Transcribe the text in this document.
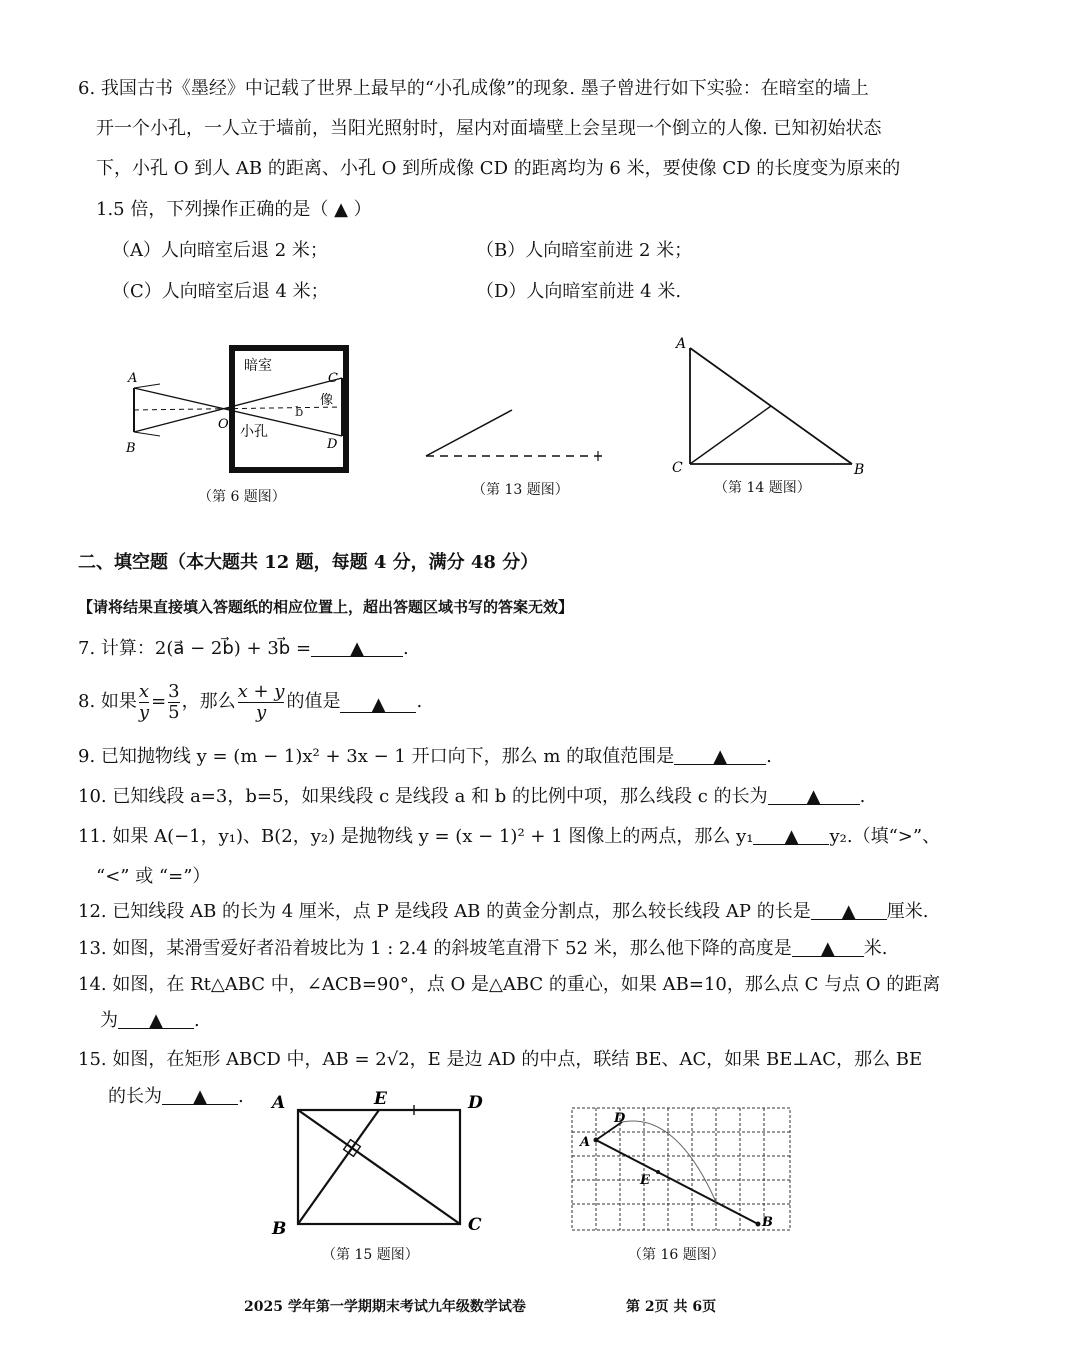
6. 我国古书《墨经》中记载了世界上最早的“小孔成像”的现象. 墨子曾进行如下实验：在暗室的墙上
开一个小孔，一人立于墙前，当阳光照射时，屋内对面墙壁上会呈现一个倒立的人像. 已知初始状态
下，小孔 O 到人 AB 的距离、小孔 O 到所成像 CD 的距离均为 6 米，要使像 CD 的长度变为原来的
1.5 倍，下列操作正确的是（ ▲ ）
（A）人向暗室后退 2 米；	（B）人向暗室前进 2 米；
（C）人向暗室后退 4 米；	（D）人向暗室前进 4 米.
A
B
C
D
O
暗室
小孔
像
b
（第 6 题图）	（第 13 题图）
A
C	B
（第 14 题图）
二、填空题（本大题共 12 题，每题 4 分，满分 48 分）
【请将结果直接填入答题纸的相应位置上，超出答题区域书写的答案无效】
7. 计算：2(a⃗ − 2b⃗) + 3b⃗ = ▲ .
8. 如果 $\frac{x}{y} = \frac{3}{5}$ ，那么 $\frac{x + y}{y}$ 的值是	▲	.
9. 已知抛物线 y = (m − 1)x² + 3x − 1 开口向下，那么 m 的取值范围是 ▲ .
10. 已知线段 a=3，b=5，如果线段 c 是线段 a 和 b 的比例中项，那么线段 c 的长为 ▲ .
11. 如果 A(−1，y₁)、B(2，y₂) 是抛物线 y = (x − 1)² + 1 图像上的两点，那么 y₁ ▲ y₂.（填“>”、
“<” 或 “=”）
12. 已知线段 AB 的长为 4 厘米，点 P 是线段 AB 的黄金分割点，那么较长线段 AP 的长是 ▲ 厘米.
13. 如图，某滑雪爱好者沿着坡比为 1 : 2.4 的斜坡笔直滑下 52 米，那么他下降的高度是 ▲ 米.
14. 如图，在 Rt△ABC 中，∠ACB=90°，点 O 是△ABC 的重心，如果 AB=10，那么点 C 与点 O 的距离
为 ▲ .
15. 如图，在矩形 ABCD 中，AB = 2√2，E 是边 AD 的中点，联结 BE、AC，如果 BE⊥AC，那么 BE
的长为 ▲ . A	E	D
B	C
（第 15 题图）
A
D
E
B
（第 16 题图）
2025 学年第一学期期末考试九年级数学试卷	第 2页 共 6页
